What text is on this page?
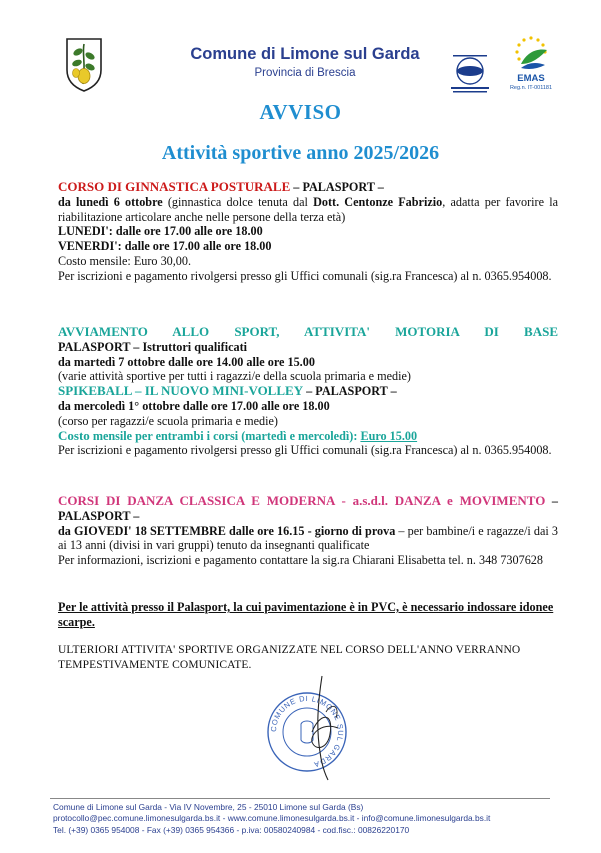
Comune di Limone sul Garda
Provincia di Brescia	EMAS
Reg.n. IT-001181
AVVISO
Attività sportive anno 2025/2026

CORSO DI GINNASTICA POSTURALE – PALASPORT –

da lunedì 6 ottobre (ginnastica dolce tenuta dal Dott. Centonze Fabrizio, adatta per favorire la riabilitazione articolare anche nelle persone della terza età)

LUNEDI': dalle ore 17.00 alle ore 18.00

VENERDI': dalle ore 17.00 alle ore 18.00

Costo mensile: Euro 30,00.

Per iscrizioni e pagamento rivolgersi presso gli Uffici comunali (sig.ra Francesca) al n. 0365.954008.

AVVIAMENTO ALLO SPORT, ATTIVITA' MOTORIA DI BASE

PALASPORT – Istruttori qualificati

da martedì 7 ottobre dalle ore 14.00 alle ore 15.00

(varie attività sportive per tutti i ragazzi/e della scuola primaria e medie)

SPIKEBALL – IL NUOVO MINI-VOLLEY – PALASPORT –

da mercoledì 1° ottobre dalle ore 17.00 alle ore 18.00

(corso per ragazzi/e scuola primaria e medie)

Costo mensile per entrambi i corsi (martedì e mercoledì): Euro 15.00

Per iscrizioni e pagamento rivolgersi presso gli Uffici comunali (sig.ra Francesca) al n. 0365.954008.

CORSI DI DANZA CLASSICA E MODERNA - a.s.d.l. DANZA e MOVIMENTO – PALASPORT –

da GIOVEDI' 18 SETTEMBRE dalle ore 16.15 - giorno di prova – per bambine/i e ragazze/i dai 3 ai 13 anni (divisi in vari gruppi) tenuto da insegnanti qualificate

Per informazioni, iscrizioni e pagamento contattare la sig.ra Chiarani Elisabetta tel. n. 348 7307628

Per le attività presso il Palasport, la cui pavimentazione è in PVC, è necessario indossare idonee scarpe.

ULTERIORI ATTIVITA' SPORTIVE ORGANIZZATE NEL CORSO DELL'ANNO VERRANNO TEMPESTIVAMENTE COMUNICATE.

COMUNE DI LIMONE SUL GARDA
Comune di Limone sul Garda - Via IV Novembre, 25 - 25010 Limone sul Garda (Bs)
protocollo@pec.comune.limonesulgarda.bs.it - www.comune.limonesulgarda.bs.it - info@comune.limonesulgarda.bs.it
Tel. (+39) 0365 954008 - Fax (+39) 0365 954366 - p.iva: 00580240984 - cod.fisc.: 00826220170
